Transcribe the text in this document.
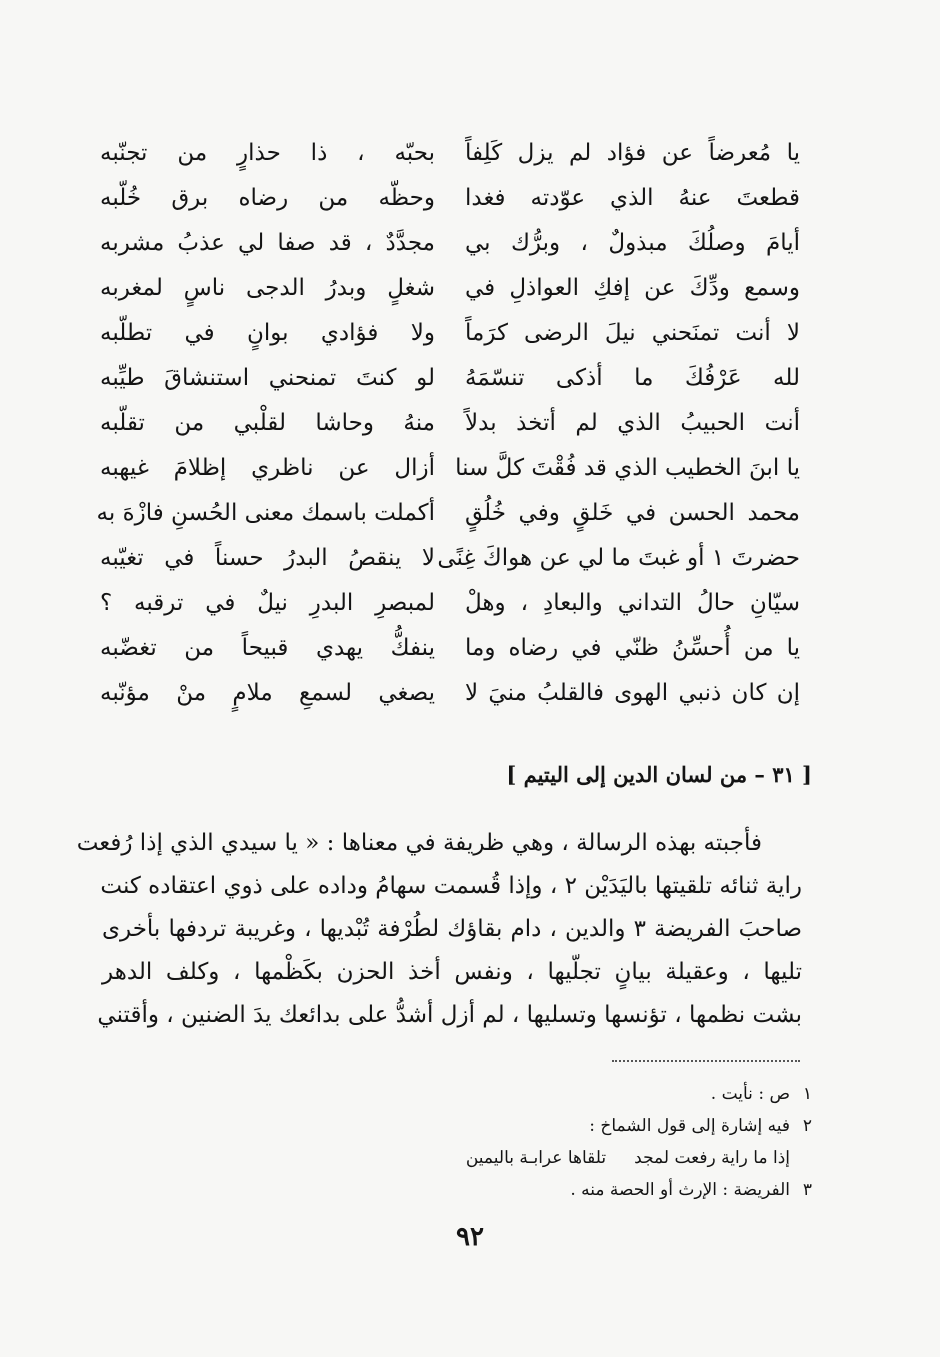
يا مُعرضاً عن فؤاد لم يزل كَلِفاً
بحبّه ، ذا حذارٍ من تجنّبه
قطعتَ عنهُ الذي عوّدته فغدا
وحظّه من رضاه برق خُلّبه
أيامَ وصلُكَ مبذولٌ ، وبرُّك بي
مجدَّدٌ ، قد صفا لي عذبُ مشربه
وسمع ودِّكَ عن إفكِ العواذلِ في
شغلٍ وبدرُ الدجى ناسٍ لمغربه
لا أنت تمنَحني نيلَ الرضى كرَماً
ولا فؤادي بوانٍ في تطلّبه
لله عَرْفُكَ ما أذكى تنسّمَهُ
لو كنتَ تمنحني استنشاقَ طيِّبه
أنت الحبيبُ الذي لم أتخذ بدلاً
منهُ وحاشا لقلْبي من تقلّبه
يا ابنَ الخطيب الذي قد فُقْتَ كلَّ سنا
أزال عن ناظري إظلامَ غيهبه
محمد الحسن في خَلقٍ وفي خُلُقٍ
أكملت باسمك معنى الحُسنِ فازْهَ به
حضرتَ ١ أو غبتَ ما لي عن هواكَ غِنًى
لا ينقصُ البدرُ حسناً في تغيّبه
سيّانِ حالُ التداني والبعادِ ، وهلْ
لمبصرِ البدرِ نيلٌ في ترقبه ؟
يا من أُحسِّنُ ظنّي في رضاه وما
ينفكُّ يهدي قبيحاً من تغضّبه
إن كان ذنبي الهوى فالقلبُ منيَ لا
يصغي لسمعِ ملامٍ منْ مؤنّبه
[ ٣١ – من لسان الدين إلى اليتيم ]
فأجبته بهذه الرسالة ، وهي ظريفة في معناها : « يا سيدي الذي إذا رُفعت
راية ثنائه تلقيتها باليَدَيْن ٢ ، وإذا قُسمت سهامُ وداده على ذوي اعتقاده كنت
صاحبَ الفريضة ٣ والدين ، دام بقاؤك لطُرْفة تُبْديها ، وغريبة تردفها بأخرى
تليها ، وعقيلة بيانٍ تجلّيها ، ونفس أخذ الحزن بكَظْمها ، وكلف الدهر
بشت نظمها ، تؤنسها وتسليها ، لم أزل أشدُّ على بدائعك يدَ الضنين ، وأقتني
١ص : نأيت .
٢فيه إشارة إلى قول الشماخ :
إذا ما راية رفعت لمجد
تلقاها عرابـة باليمين
٣الفريضة : الإرث أو الحصة منه .
٩٢
